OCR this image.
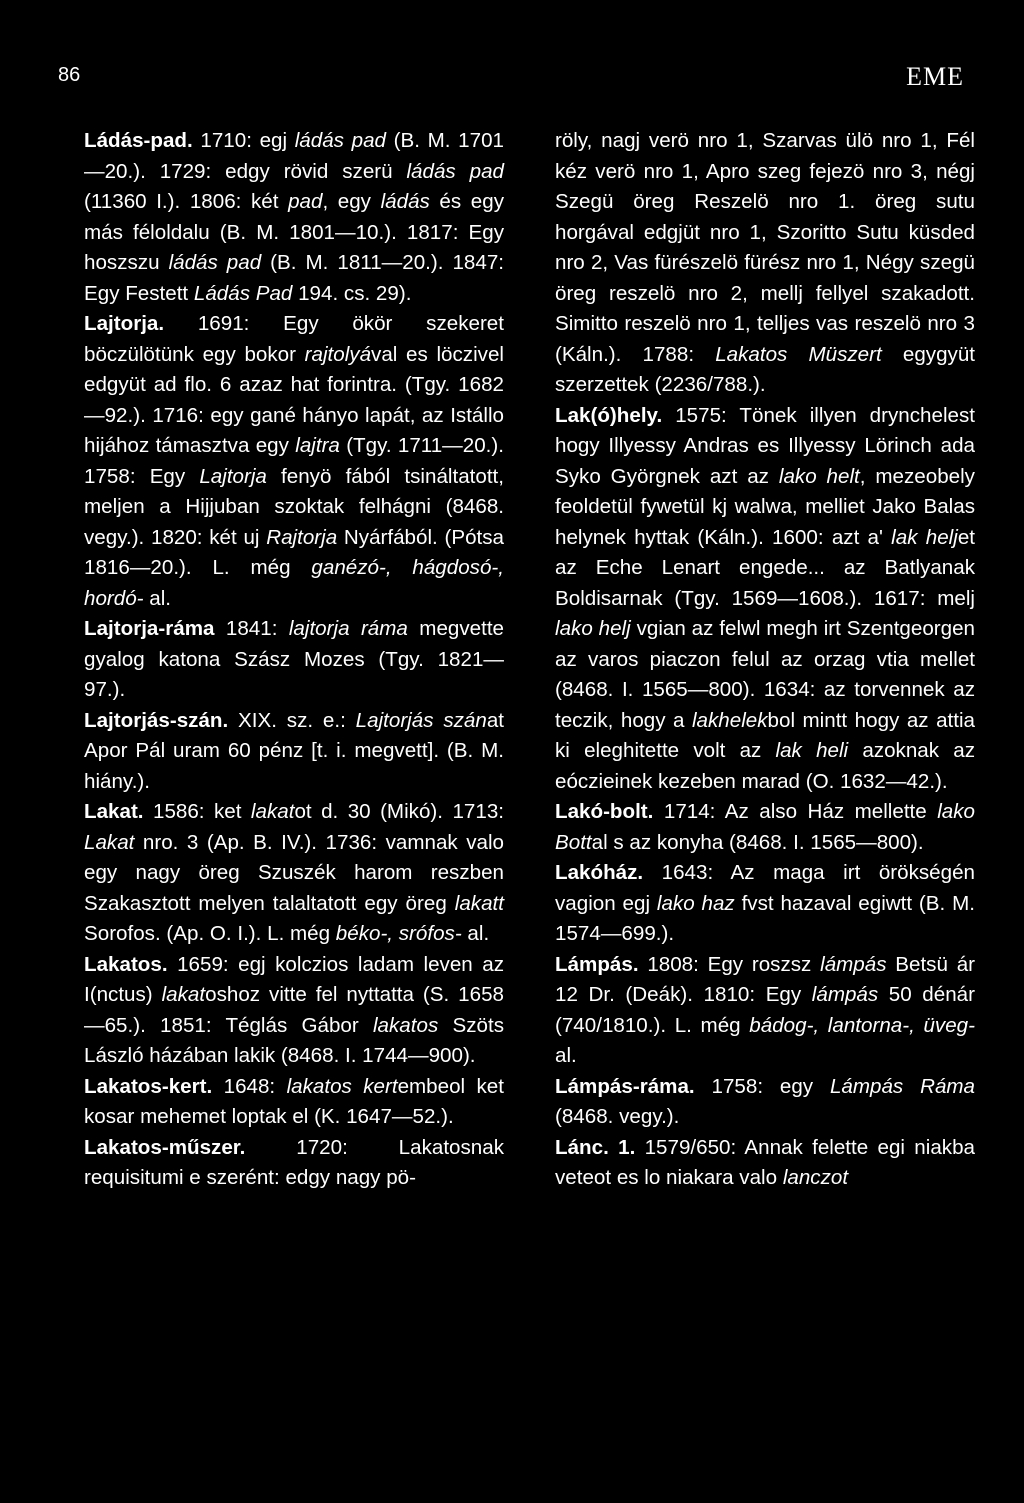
86	EME

Ládás-pad. 1710: egj ládás pad (B. M. 1701—20.). 1729: edgy rövid szerü ládás pad (11360 I.). 1806: két pad, egy ládás és egy más féloldalu (B. M. 1801—10.). 1817: Egy hoszszu ládás pad (B. M. 1811—20.). 1847: Egy Festett Ládás Pad 194. cs. 29).

Lajtorja. 1691: Egy ökör szekeret böczülötünk egy bokor rajtolyával es löczivel edgyüt ad flo. 6 azaz hat forintra. (Tgy. 1682—92.). 1716: egy gané hányo lapát, az Istállo hijához támasztva egy lajtra (Tgy. 1711—20.). 1758: Egy Lajtorja fenyö fából tsináltatott, meljen a Hijjuban szoktak felhágni (8468. vegy.). 1820: két uj Rajtorja Nyárfából. (Pótsa 1816—20.). L. még ganézó-, hágdosó-, hordó- al.

Lajtorja-ráma 1841: lajtorja ráma megvette gyalog katona Szász Mozes (Tgy. 1821—97.).

Lajtorjás-szán. XIX. sz. e.: Lajtorjás szánat Apor Pál uram 60 pénz [t. i. megvett]. (B. M. hiány.).

Lakat. 1586: ket lakatot d. 30 (Mikó). 1713: Lakat nro. 3 (Ap. B. IV.). 1736: vamnak valo egy nagy öreg Szuszék harom reszben Szakasztott melyen talaltatott egy öreg lakatt Sorofos. (Ap. O. I.). L. még béko-, srófos- al.

Lakatos. 1659: egj kolczios ladam leven az I(nctus) lakatoshoz vitte fel nyttatta (S. 1658—65.). 1851: Téglás Gábor lakatos Szöts László házában lakik (8468. I. 1744—900).

Lakatos-kert. 1648: lakatos kertembeol ket kosar mehemet loptak el (K. 1647—52.).

Lakatos-műszer. 1720: Lakatosnak requisitumi e szerént: edgy nagy pö-

röly, nagj verö nro 1, Szarvas ülö nro 1, Fél kéz verö nro 1, Apro szeg fejezö nro 3, négj Szegü öreg Reszelö nro 1. öreg sutu horgával edgjüt nro 1, Szoritto Sutu küsded nro 2, Vas fürészelö fürész nro 1, Négy szegü öreg reszelö nro 2, mellj fellyel szakadott. Simitto reszelö nro 1, telljes vas reszelö nro 3 (Káln.). 1788: Lakatos Müszert egygyüt szerzettek (2236/788.).

Lak(ó)hely. 1575: Tönek illyen drynchelest hogy Illyessy Andras es Illyessy Lörinch ada Syko Györgnek azt az lako helt, mezeobely feoldetül fywetül kj walwa, melliet Jako Balas helynek hyttak (Káln.). 1600: azt a' lak heljet az Eche Lenart engede... az Batlyanak Boldisarnak (Tgy. 1569—1608.). 1617: melj lako helj vgian az felwl megh irt Szentgeorgen az varos piaczon felul az orzag vtia mellet (8468. I. 1565—800). 1634: az torvennek az teczik, hogy a lakhelekbol mintt hogy az attia ki eleghitette volt az lak heli azoknak az eóczieinek kezeben marad (O. 1632—42.).

Lakó-bolt. 1714: Az also Ház mellette lako Bottal s az konyha (8468. I. 1565—800).

Lakóház. 1643: Az maga irt örökségén vagion egj lako haz fvst hazaval egiwtt (B. M. 1574—699.).

Lámpás. 1808: Egy roszsz lámpás Betsü ár 12 Dr. (Deák). 1810: Egy lámpás 50 dénár (740/1810.). L. még bádog-, lantorna-, üveg- al.

Lámpás-ráma. 1758: egy Lámpás Ráma (8468. vegy.).

Lánc. 1. 1579/650: Annak felette egi niakba veteot es lo niakara valo lanczot
